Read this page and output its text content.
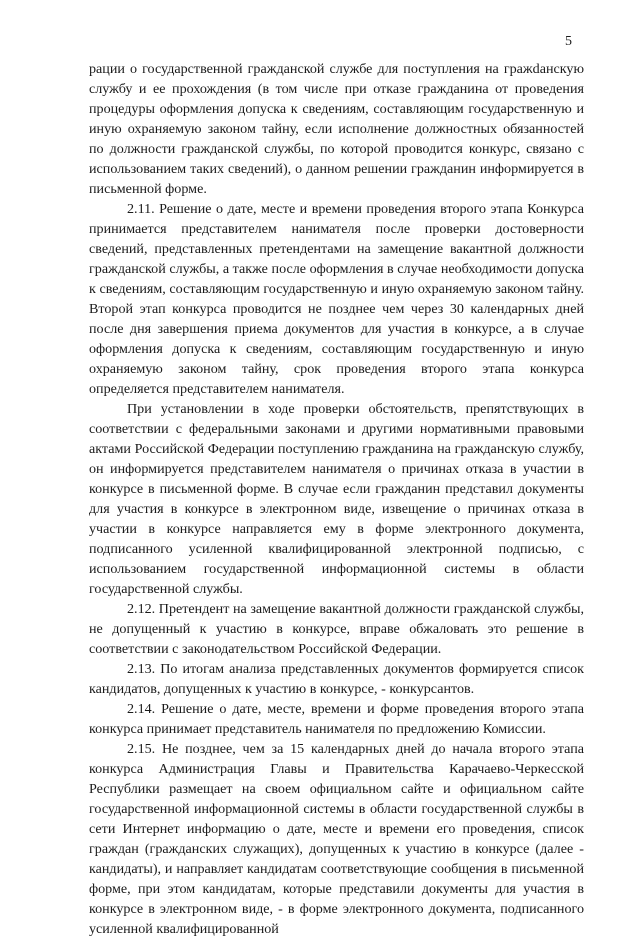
5

рации о государственной гражданской службе для поступления на гражdанскую службу и ее прохождения (в том числе при отказе гражданина от проведения процедуры оформления допуска к сведениям, составляющим государственную и иную охраняемую законом тайну, если исполнение должностных обязанностей по должности гражданской службы, по которой проводится конкурс, связано с использованием таких сведений), о данном решении гражданин информируется в письменной форме.

2.11. Решение о дате, месте и времени проведения второго этапа Конкурса принимается представителем нанимателя после проверки достоверности сведений, представленных претендентами на замещение вакантной должности гражданской службы, а также после оформления в случае необходимости допуска к сведениям, составляющим государственную и иную охраняемую законом тайну. Второй этап конкурса проводится не позднее чем через 30 календарных дней после дня завершения приема документов для участия в конкурсе, а в случае оформления допуска к сведениям, составляющим государственную и иную охраняемую законом тайну, срок проведения второго этапа конкурса определяется представителем нанимателя.

При установлении в ходе проверки обстоятельств, препятствующих в соответствии с федеральными законами и другими нормативными правовыми актами Российской Федерации поступлению гражданина на гражданскую службу, он информируется представителем нанимателя о причинах отказа в участии в конкурсе в письменной форме. В случае если гражданин представил документы для участия в конкурсе в электронном виде, извещение о причинах отказа в участии в конкурсе направляется ему в форме электронного документа, подписанного усиленной квалифицированной электронной подписью, с использованием государственной информационной системы в области государственной службы.

2.12. Претендент на замещение вакантной должности гражданской службы, не допущенный к участию в конкурсе, вправе обжаловать это решение в соответствии с законодательством Российской Федерации.

2.13. По итогам анализа представленных документов формируется список кандидатов, допущенных к участию в конкурсе, - конкурсантов.

2.14. Решение о дате, месте, времени и форме проведения второго этапа конкурса принимает представитель нанимателя по предложению Комиссии.

2.15. Не позднее, чем за 15 календарных дней до начала второго этапа конкурса Администрация Главы и Правительства Карачаево-Черкесской Республики размещает на своем официальном сайте и официальном сайте государственной информационной системы в области государственной службы в сети Интернет информацию о дате, месте и времени его проведения, список граждан (гражданских служащих), допущенных к участию в конкурсе (далее - кандидаты), и направляет кандидатам соответствующие сообщения в письменной форме, при этом кандидатам, которые представили документы для участия в конкурсе в электронном виде, - в форме электронного документа, подписанного усиленной квалифицированной
